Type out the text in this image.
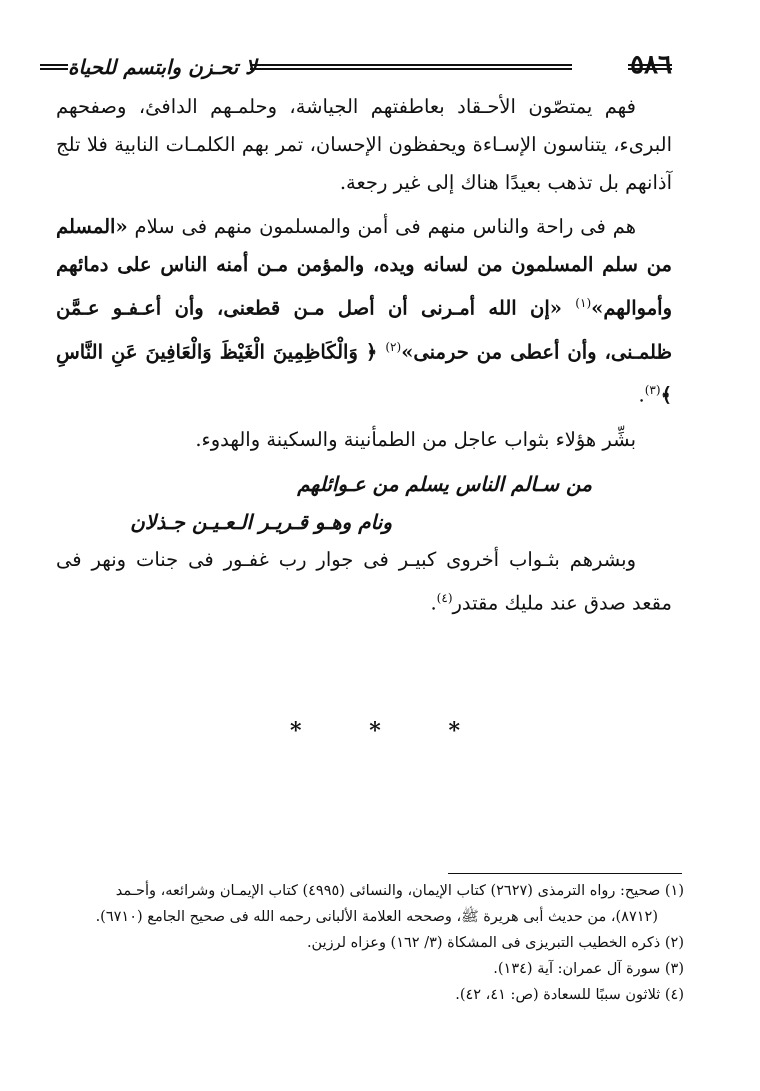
٥٨٦
لا تحـزن وابتسم للحياة

فهم يمتصّون الأحـقاد بعاطفتهم الجياشة، وحلمـهم الدافئ، وصفحهم البرىء، يتناسون الإسـاءة ويحفظون الإحسان، تمر بهم الكلمـات النابية فلا تلج آذانهم بل تذهب بعيدًا هناك إلى غير رجعة.

هم فى راحة والناس منهم فى أمن والمسلمون منهم فى سلام «المسلم من سلم المسلمون من لسانه ويده، والمؤمن مـن أمنه الناس على دمائهم وأموالهم»$^{(١)}$ «إن الله أمـرنى أن أصل مـن قطعنى، وأن أعـفـو عـمَّن ظلمـنى، وأن أعطى من حرمنى»$^{(٢)}$ ﴿ وَالْكَاظِمِينَ الْغَيْظَ وَالْعَافِينَ عَنِ النَّاسِ ﴾$^{(٣)}$.

بشِّر هؤلاء بثواب عاجل من الطمأنينة والسكينة والهدوء.

من سـالم الناس يسلم من عـوائلهم

ونام وهـو قـريـر الـعـيـن جـذلان

وبشرهم بثـواب أخروى كبيـر فى جوار رب غفـور فى جنات ونهر فى مقعد صدق عند مليك مقتدر$^{(٤)}$.

*	*	*

(١) صحيح: رواه الترمذى (٢٦٢٧) كتاب الإيمان، والنسائى (٤٩٩٥) كتاب الإيمـان وشرائعه، وأحـمد

(٨٧١٢)، من حديث أبى هريرة ﷺ، وصححه العلامة الألبانى رحمه الله فى صحيح الجامع (٦٧١٠).

(٢) ذكره الخطيب التبريزى فى المشكاة (٣/ ١٦٢) وعزاه لرزين.

(٣) سورة آل عمران: آية (١٣٤).

(٤) ثلاثون سببًا للسعادة (ص: ٤١، ٤٢).
